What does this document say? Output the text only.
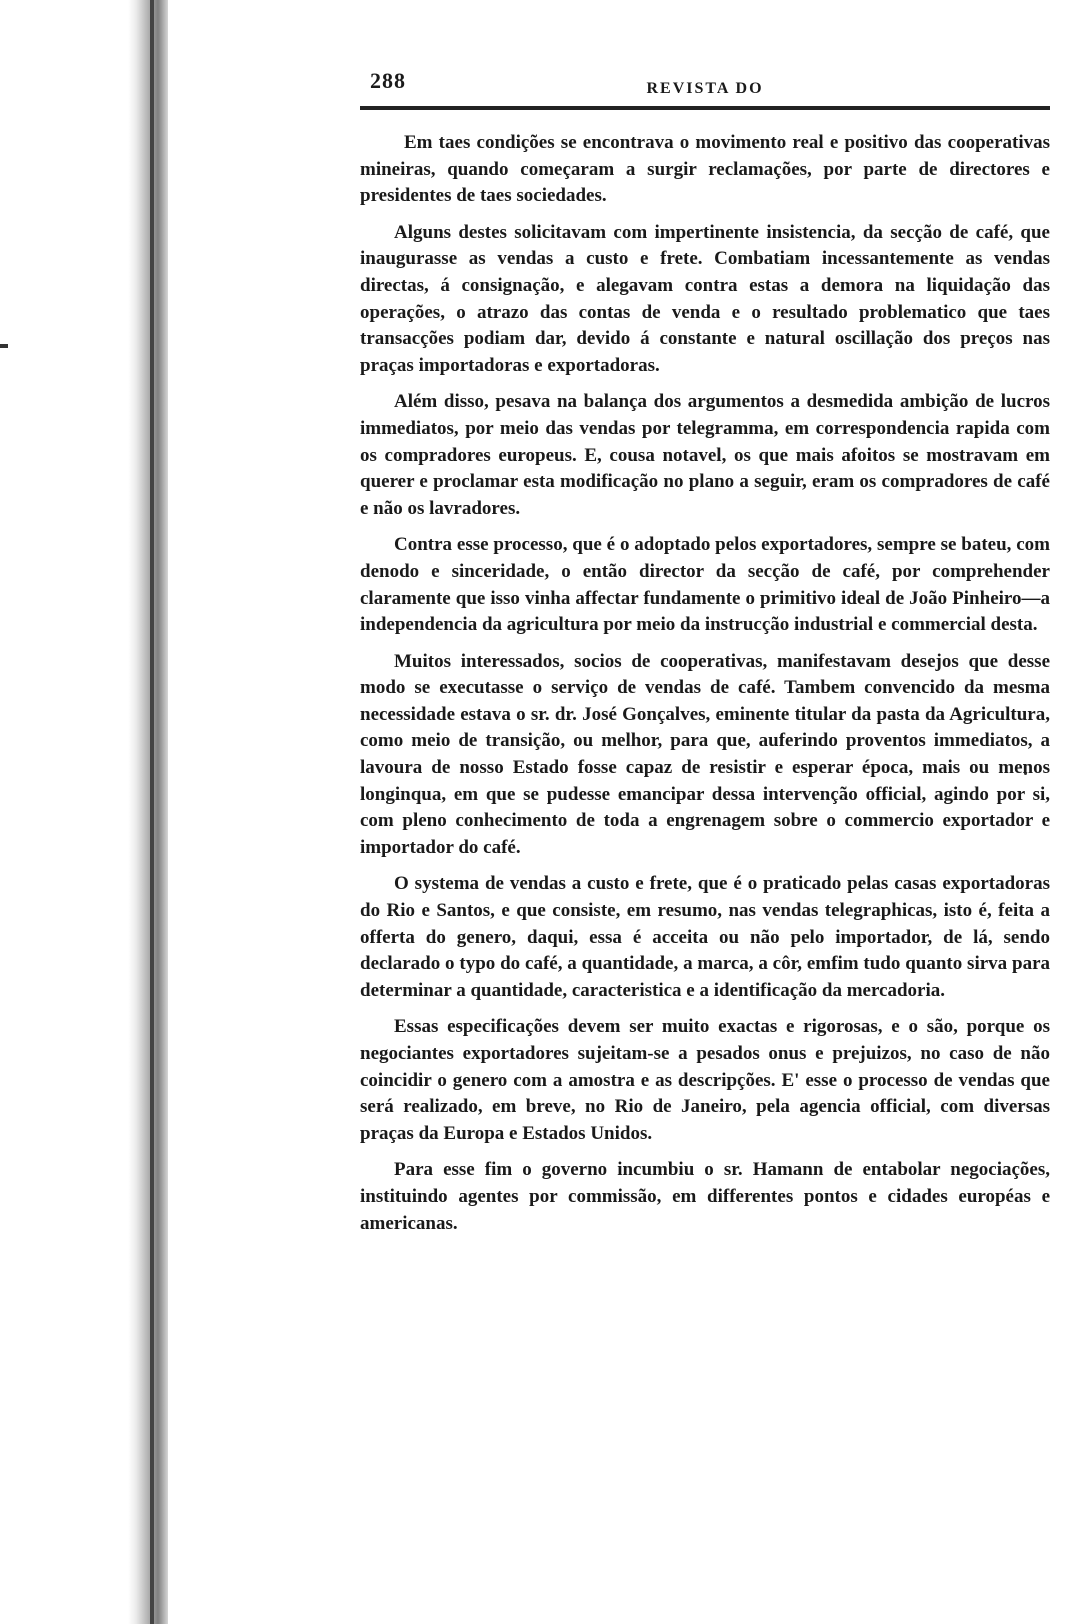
288	REVISTA DO

Em taes condições se encontrava o movimento real e positivo das cooperativas mineiras, quando começaram a surgir reclamações, por parte de directores e presidentes de taes sociedades.

Alguns destes solicitavam com impertinente insistencia, da secção de café, que inaugurasse as vendas a custo e frete. Combatiam incessantemente as vendas directas, á consignação, e alegavam contra estas a demora na liquidação das operações, o atrazo das contas de venda e o resultado problematico que taes transacções podiam dar, devido á constante e natural oscillação dos preços nas praças importadoras e exportadoras.

Além disso, pesava na balança dos argumentos a desmedida ambição de lucros immediatos, por meio das vendas por telegramma, em correspondencia rapida com os compradores europeus. E, cousa notavel, os que mais afoitos se mostravam em querer e proclamar esta modificação no plano a seguir, eram os compradores de café e não os lavradores.

Contra esse processo, que é o adoptado pelos exportadores, sempre se bateu, com denodo e sinceridade, o então director da secção de café, por comprehender claramente que isso vinha affectar fundamente o primitivo ideal de João Pinheiro—a independencia da agricultura por meio da instrucção industrial e commercial desta.

Muitos interessados, socios de cooperativas, manifestavam desejos que desse modo se executasse o serviço de vendas de café. Tambem convencido da mesma necessidade estava o sr. dr. José Gonçalves, eminente titular da pasta da Agricultura, como meio de transição, ou melhor, para que, auferindo proventos immediatos, a lavoura de nosso Estado fosse capaz de resistir e esperar época, mais ou menos longinqua, em que se pudesse emancipar dessa intervenção official, agindo por si, com pleno conhecimento de toda a engrenagem sobre o commercio exportador e importador do café.

O systema de vendas a custo e frete, que é o praticado pelas casas exportadoras do Rio e Santos, e que consiste, em resumo, nas vendas telegraphicas, isto é, feita a offerta do genero, daqui, essa é acceita ou não pelo importador, de lá, sendo declarado o typo do café, a quantidade, a marca, a côr, emfim tudo quanto sirva para determinar a quantidade, caracteristica e a identificação da mercadoria.

Essas especificações devem ser muito exactas e rigorosas, e o são, porque os negociantes exportadores sujeitam-se a pesados onus e prejuizos, no caso de não coincidir o genero com a amostra e as descripções. E' esse o processo de vendas que será realizado, em breve, no Rio de Janeiro, pela agencia official, com diversas praças da Europa e Estados Unidos.

Para esse fim o governo incumbiu o sr. Hamann de entabolar negociações, instituindo agentes por commissão, em differentes pontos e cidades européas e americanas.
